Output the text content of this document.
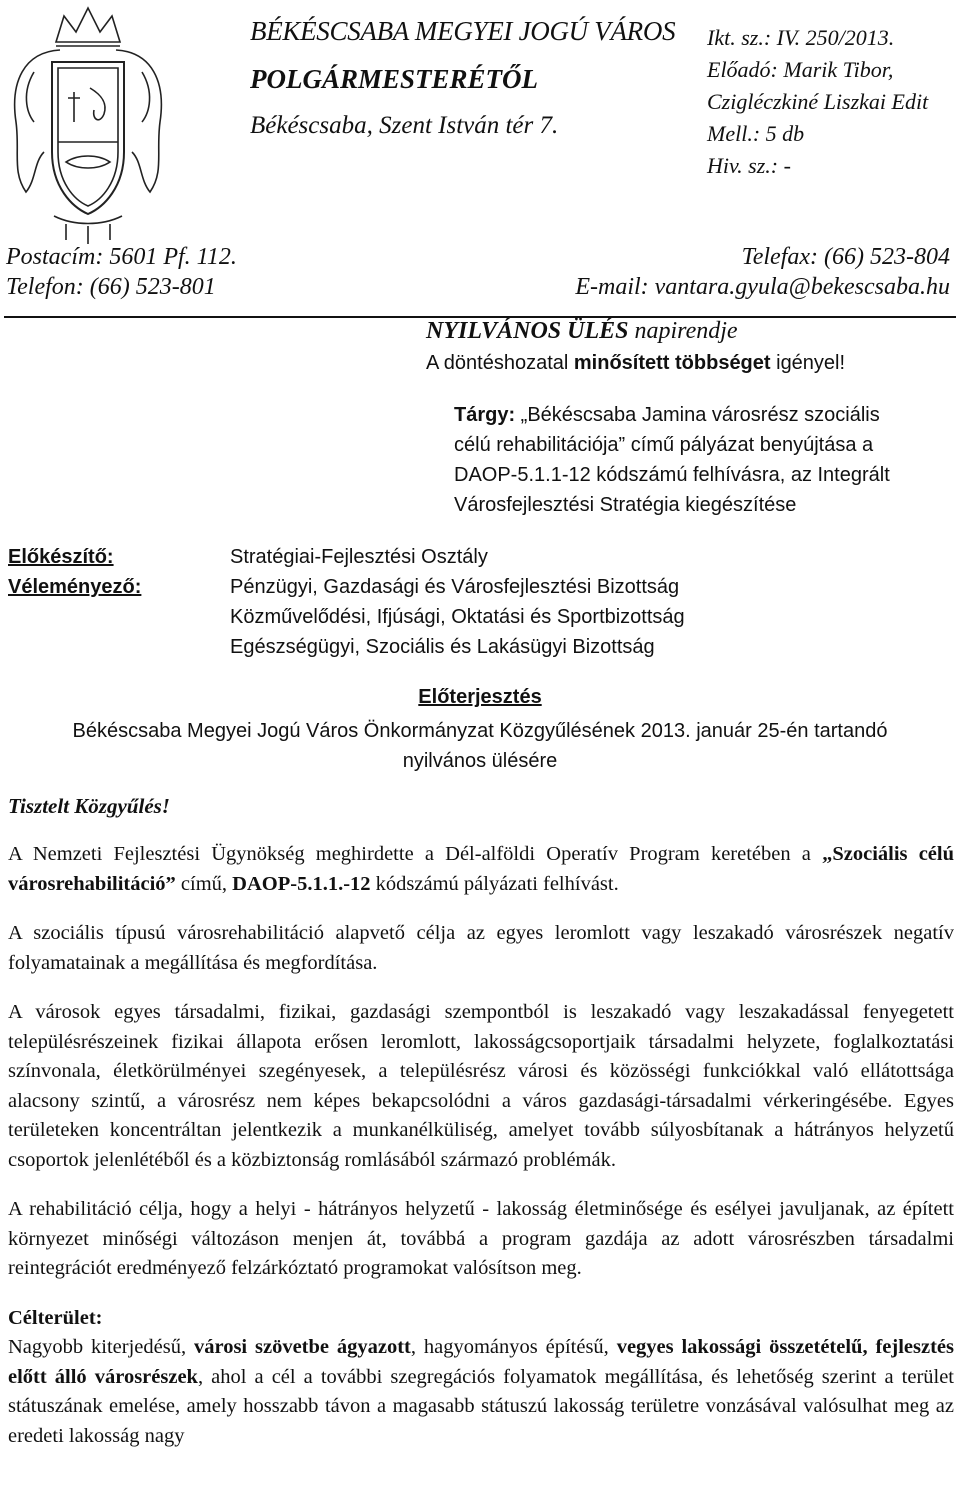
BÉKÉSCSABA MEGYEI JOGÚ VÁROS
POLGÁRMESTERÉTŐL
Békéscsaba, Szent István tér 7.
Postacím: 5601 Pf. 112.
Telefon: (66) 523-801
Telefax: (66) 523-804
E-mail: vantara.gyula@bekescsaba.hu
Ikt. sz.: IV. 250/2013.
Előadó: Marik Tibor,
Czigléczkiné Liszkai Edit
Mell.: 5 db
Hiv. sz.: -
NYILVÁNOS ÜLÉS napirendje
A döntéshozatal minősített többséget igényel!
Tárgy: „Békéscsaba Jamina városrész szociális
célú rehabilitációja” című pályázat benyújtása a
DAOP-5.1.1-12 kódszámú felhívásra, az Integrált
Városfejlesztési Stratégia kiegészítése
Előkészítő:
Véleményező:
Stratégiai-Fejlesztési Osztály
Pénzügyi, Gazdasági és Városfejlesztési Bizottság
Közművelődési, Ifjúsági, Oktatási és Sportbizottság
Egészségügyi, Szociális és Lakásügyi Bizottság
Előterjesztés
Békéscsaba Megyei Jogú Város Önkormányzat Közgyűlésének 2013. január 25-én tartandó
nyilvános ülésére
Tisztelt Közgyűlés!

A Nemzeti Fejlesztési Ügynökség meghirdette a Dél-alföldi Operatív Program keretében a „Szociális célú városrehabilitáció” című, DAOP-5.1.1.-12 kódszámú pályázati felhívást.

A szociális típusú városrehabilitáció alapvető célja az egyes leromlott vagy leszakadó városrészek negatív folyamatainak a megállítása és megfordítása.

A városok egyes társadalmi, fizikai, gazdasági szempontból is leszakadó vagy leszakadással fenyegetett településrészeinek fizikai állapota erősen leromlott, lakosságcsoportjaik társadalmi helyzete, foglalkoztatási színvonala, életkörülményei szegényesek, a településrész városi és közösségi funkciókkal való ellátottsága alacsony szintű, a városrész nem képes bekapcsolódni a város gazdasági-társadalmi vérkeringésébe. Egyes területeken koncentráltan jelentkezik a munkanélküliség, amelyet tovább súlyosbítanak a hátrányos helyzetű csoportok jelenlétéből és a közbiztonság romlásából származó problémák.

A rehabilitáció célja, hogy a helyi - hátrányos helyzetű - lakosság életminősége és esélyei javuljanak, az épített környezet minőségi változáson menjen át, továbbá a program gazdája az adott városrészben társadalmi reintegrációt eredményező felzárkóztató programokat valósítson meg.

Célterület:

Nagyobb kiterjedésű, városi szövetbe ágyazott, hagyományos építésű, vegyes lakossági összetételű, fejlesztés előtt álló városrészek, ahol a cél a további szegregációs folyamatok megállítása, és lehetőség szerint a terület státuszának emelése, amely hosszabb távon a magasabb státuszú lakosság területre vonzásával valósulhat meg az eredeti lakosság nagy
